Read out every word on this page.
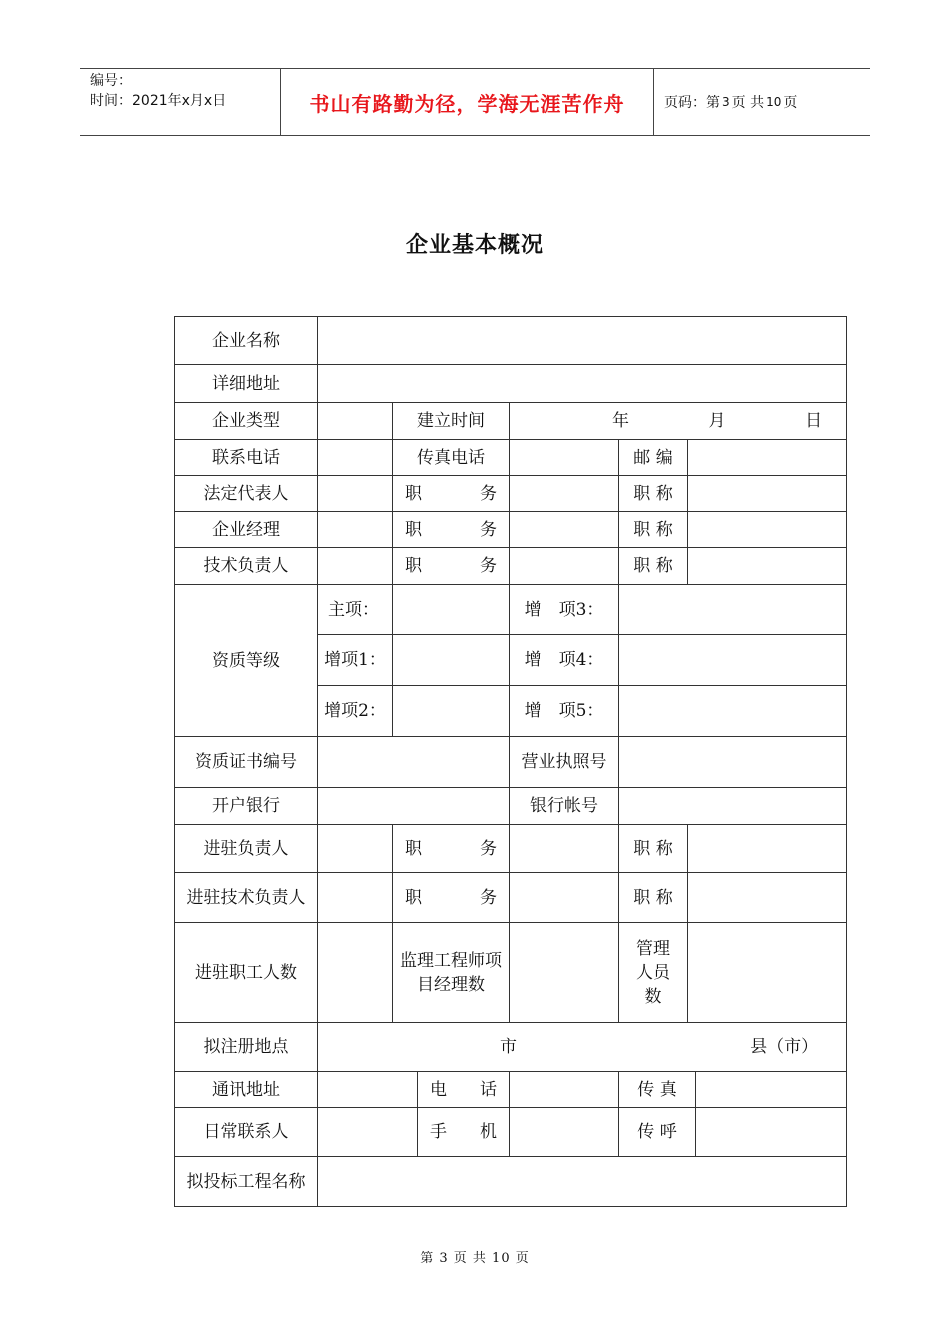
编号：
时间：2021年x月x日	书山有路勤为径，学海无涯苦作舟	页码：第 3 页 共 10 页
企业基本概况
企业名称							
详细地址							
企业类型		建立时间		年 月 日			

联系电话		传真电话			邮 编		
法定代表人		职 务			职 称		
企业经理		职 务			职 称		
技术负责人		职 务			职 称		
资质等级	主项：			增　项3：			
	增项1：			增　项4：			
	增项2：			增　项5：			
资质证书编号				营业执照号			
开户银行				银行帐号			
进驻负责人		职 务			职 称		
进驻技术负责人		职 务			职 称		
进驻职工人数		监理工程师项目经理数			管理人员数		
拟注册地点	市 县（市）						

通讯地址			电 话		传 真		
日常联系人			手 机		传 呼		
拟投标工程名称							
第 3 页 共 10 页
